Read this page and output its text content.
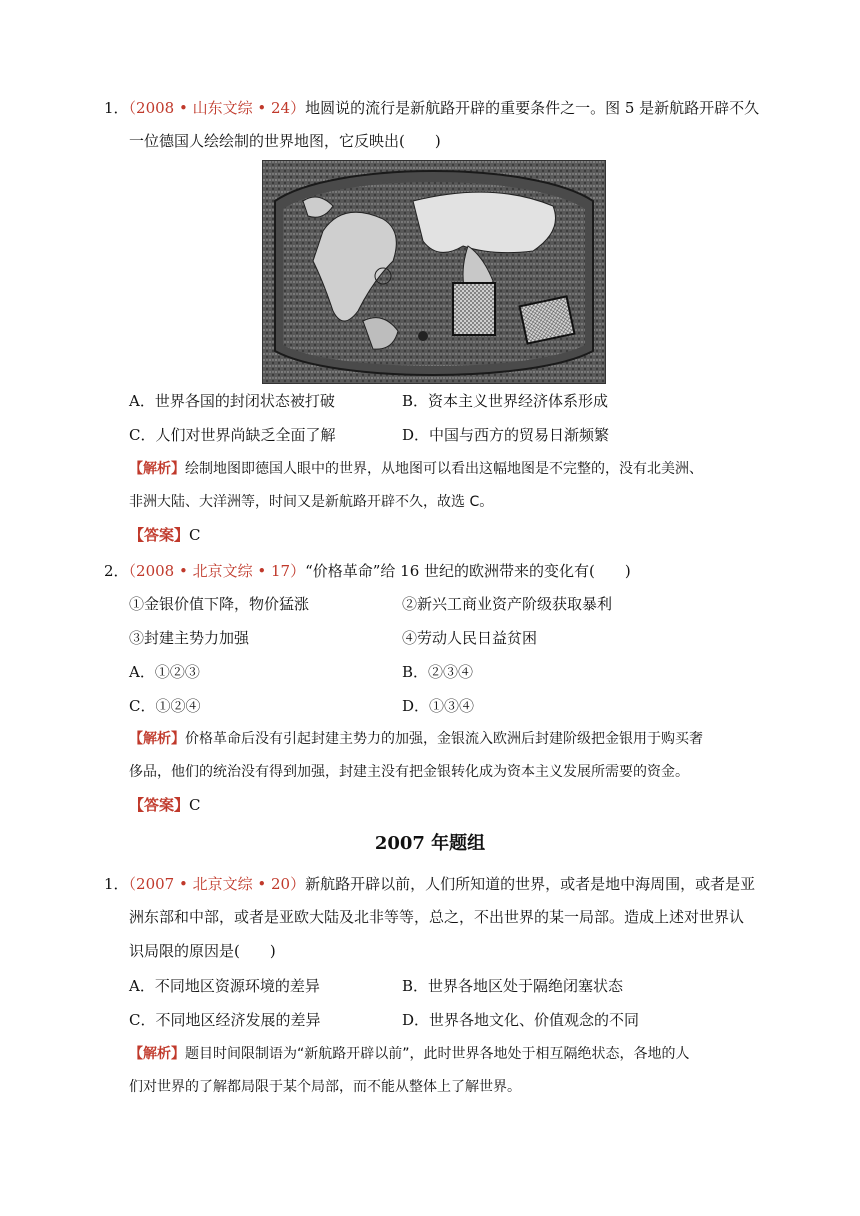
1．（2008 • 山东文综 • 24）地圆说的流行是新航路开辟的重要条件之一。图 5 是新航路开辟不久
一位德国人绘绘制的世界地图，它反映出(　　)
A．世界各国的封闭状态被打破	B．资本主义世界经济体系形成
C．人们对世界尚缺乏全面了解	D．中国与西方的贸易日渐频繁
【解析】绘制地图即德国人眼中的世界，从地图可以看出这幅地图是不完整的，没有北美洲、
非洲大陆、大洋洲等，时间又是新航路开辟不久，故选 C。
【答案】C
2．（2008 • 北京文综 • 17）“价格革命”给 16 世纪的欧洲带来的变化有(　　)
①金银价值下降，物价猛涨	②新兴工商业资产阶级获取暴利
③封建主势力加强	④劳动人民日益贫困
A．①②③	B．②③④
C．①②④	D．①③④
【解析】价格革命后没有引起封建主势力的加强，金银流入欧洲后封建阶级把金银用于购买奢
侈品，他们的统治没有得到加强，封建主没有把金银转化成为资本主义发展所需要的资金。
【答案】C
2007 年题组
1．（2007 • 北京文综 • 20）新航路开辟以前，人们所知道的世界，或者是地中海周围，或者是亚
洲东部和中部，或者是亚欧大陆及北非等等，总之，不出世界的某一局部。造成上述对世界认
识局限的原因是(　　)
A．不同地区资源环境的差异	B．世界各地区处于隔绝闭塞状态
C．不同地区经济发展的差异	D．世界各地文化、价值观念的不同
【解析】题目时间限制语为“新航路开辟以前”，此时世界各地处于相互隔绝状态，各地的人
们对世界的了解都局限于某个局部，而不能从整体上了解世界。
